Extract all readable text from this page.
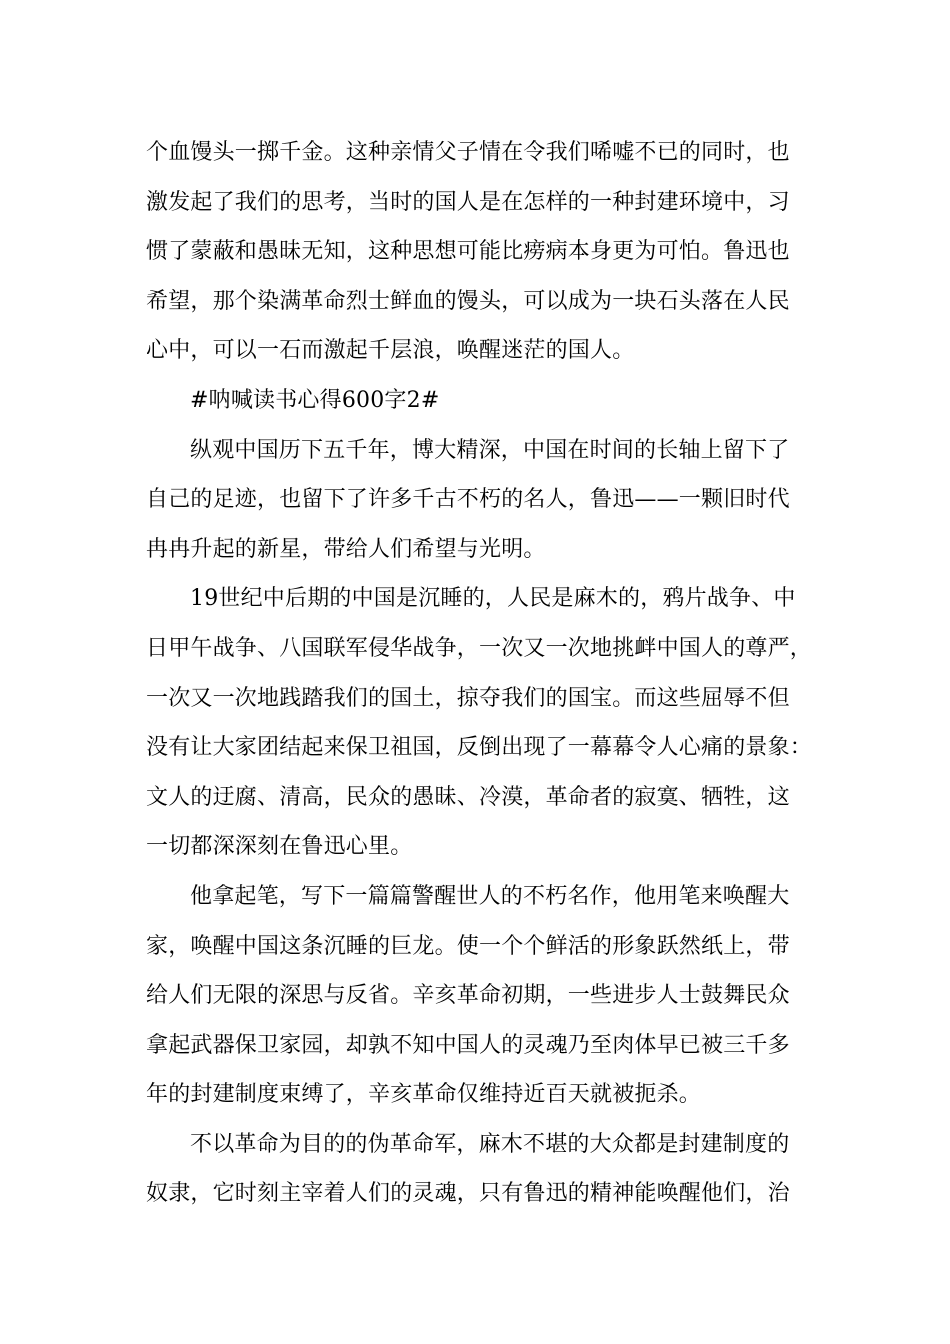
个血馒头一掷千金。这种亲情父子情在令我们唏嘘不已的同时，也
激发起了我们的思考，当时的国人是在怎样的一种封建环境中，习
惯了蒙蔽和愚昧无知，这种思想可能比痨病本身更为可怕。鲁迅也
希望，那个染满革命烈士鲜血的馒头，可以成为一块石头落在人民
心中，可以一石而激起千层浪，唤醒迷茫的国人。
#呐喊读书心得600字2#
纵观中国历下五千年，博大精深，中国在时间的长轴上留下了
自己的足迹，也留下了许多千古不朽的名人，鲁迅——一颗旧时代
冉冉升起的新星，带给人们希望与光明。
19世纪中后期的中国是沉睡的，人民是麻木的，鸦片战争、中
日甲午战争、八国联军侵华战争，一次又一次地挑衅中国人的尊严，
一次又一次地践踏我们的国土，掠夺我们的国宝。而这些屈辱不但
没有让大家团结起来保卫祖国，反倒出现了一幕幕令人心痛的景象：
文人的迂腐、清高，民众的愚昧、冷漠，革命者的寂寞、牺牲，这
一切都深深刻在鲁迅心里。
他拿起笔，写下一篇篇警醒世人的不朽名作，他用笔来唤醒大
家，唤醒中国这条沉睡的巨龙。使一个个鲜活的形象跃然纸上，带
给人们无限的深思与反省。辛亥革命初期，一些进步人士鼓舞民众
拿起武器保卫家园，却孰不知中国人的灵魂乃至肉体早已被三千多
年的封建制度束缚了，辛亥革命仅维持近百天就被扼杀。
不以革命为目的的伪革命军，麻木不堪的大众都是封建制度的
奴隶，它时刻主宰着人们的灵魂，只有鲁迅的精神能唤醒他们，治
